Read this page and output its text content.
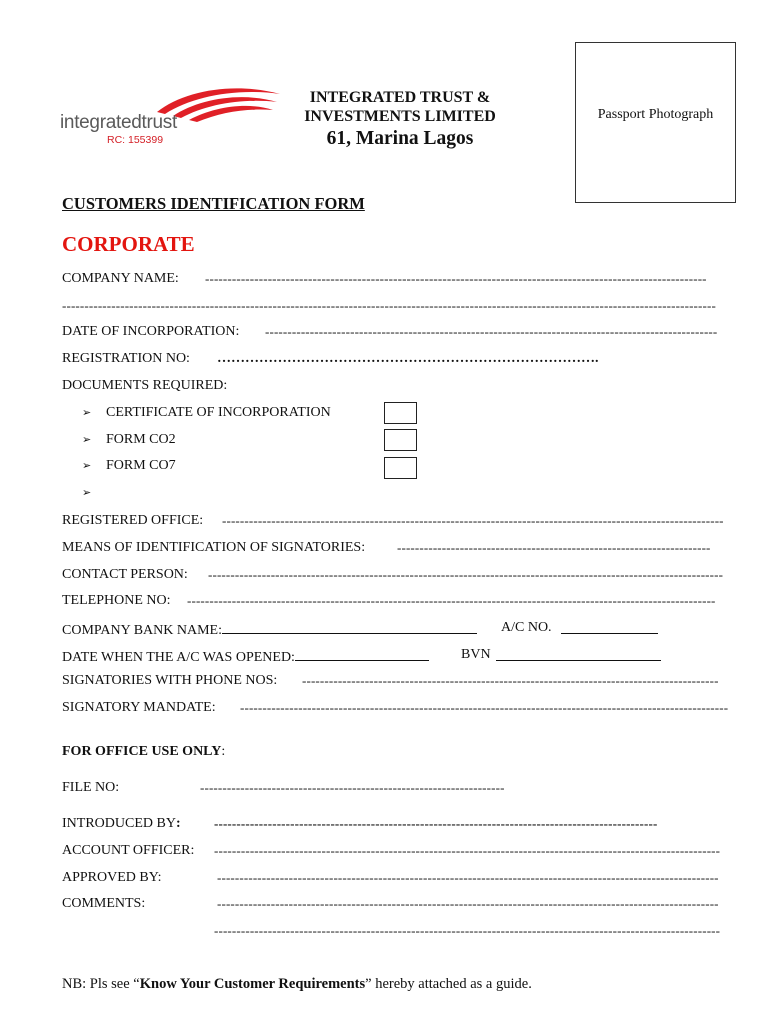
integratedtrust
RC: 155399
INTEGRATED TRUST &
INVESTMENTS LIMITED
61, Marina Lagos
Passport Photograph
CUSTOMERS IDENTIFICATION FORM
CORPORATE
COMPANY NAME: ----------------------------------------------------------------------------------------------------------------
--------------------------------------------------------------------------------------------------------------------------------------------------
DATE OF INCORPORATION: -----------------------------------------------------------------------------------------------------
REGISTRATION NO: ……………………………………………………………………….
DOCUMENTS REQUIRED:
➢ CERTIFICATE OF INCORPORATION
➢ FORM CO2
➢ FORM CO7
➢
REGISTERED OFFICE: ----------------------------------------------------------------------------------------------------------------
MEANS OF IDENTIFICATION OF SIGNATORIES: ----------------------------------------------------------------------
CONTACT PERSON: -------------------------------------------------------------------------------------------------------------------
TELEPHONE NO: ----------------------------------------------------------------------------------------------------------------------
COMPANY BANK NAME:	A/C NO.
DATE WHEN THE A/C WAS OPENED:	BVN
SIGNATORIES WITH PHONE NOS: ---------------------------------------------------------------------------------------------
SIGNATORY MANDATE: -------------------------------------------------------------------------------------------------------------
FOR OFFICE USE ONLY:
FILE NO:	--------------------------------------------------------------------
INTRODUCED BY:	---------------------------------------------------------------------------------------------------
ACCOUNT OFFICER: -----------------------------------------------------------------------------------------------------------------
APPROVED BY:	----------------------------------------------------------------------------------------------------------------
COMMENTS:	----------------------------------------------------------------------------------------------------------------
-----------------------------------------------------------------------------------------------------------------
NB: Pls see “Know Your Customer Requirements” hereby attached as a guide.
